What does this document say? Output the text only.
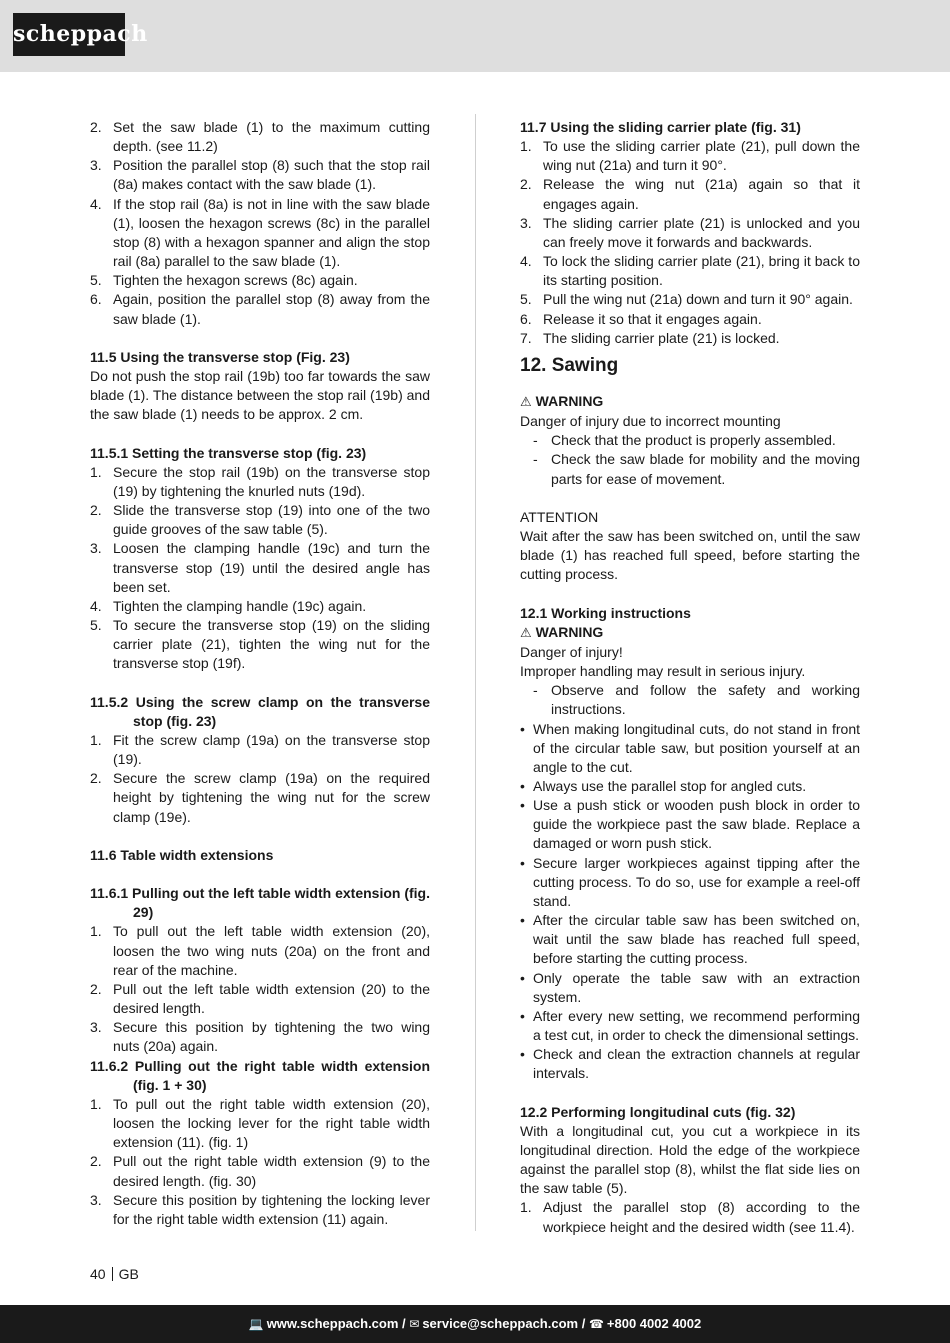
scheppach
2. Set the saw blade (1) to the maximum cutting depth. (see 11.2)
3. Position the parallel stop (8) such that the stop rail (8a) makes contact with the saw blade (1).
4. If the stop rail (8a) is not in line with the saw blade (1), loosen the hexagon screws (8c) in the parallel stop (8) with a hexagon spanner and align the stop rail (8a) parallel to the saw blade (1).
5. Tighten the hexagon screws (8c) again.
6. Again, position the parallel stop (8) away from the saw blade (1).
11.5 Using the transverse stop (Fig. 23)

Do not push the stop rail (19b) too far towards the saw blade (1). The distance between the stop rail (19b) and the saw blade (1) needs to be approx. 2 cm.

11.5.1 Setting the transverse stop (fig. 23)
1. Secure the stop rail (19b) on the transverse stop (19) by tightening the knurled nuts (19d).
2. Slide the transverse stop (19) into one of the two guide grooves of the saw table (5).
3. Loosen the clamping handle (19c) and turn the transverse stop (19) until the desired angle has been set.
4. Tighten the clamping handle (19c) again.
5. To secure the transverse stop (19) on the sliding carrier plate (21), tighten the wing nut for the transverse stop (19f).
11.5.2 Using the screw clamp on the transverse stop (fig. 23)
1. Fit the screw clamp (19a) on the transverse stop (19).
2. Secure the screw clamp (19a) on the required height by tightening the wing nut for the screw clamp (19e).
11.6 Table width extensions
11.6.1 Pulling out the left table width extension (fig. 29)
1. To pull out the left table width extension (20), loosen the two wing nuts (20a) on the front and rear of the machine.
2. Pull out the left table width extension (20) to the desired length.
3. Secure this position by tightening the two wing nuts (20a) again.
11.6.2 Pulling out the right table width extension (fig. 1 + 30)
1. To pull out the right table width extension (20), loosen the locking lever for the right table width extension (11). (fig. 1)
2. Pull out the right table width extension (9) to the desired length. (fig. 30)
3. Secure this position by tightening the locking lever for the right table width extension (11) again.
11.7 Using the sliding carrier plate (fig. 31)
1. To use the sliding carrier plate (21), pull down the wing nut (21a) and turn it 90°.
2. Release the wing nut (21a) again so that it engages again.
3. The sliding carrier plate (21) is unlocked and you can freely move it forwards and backwards.
4. To lock the sliding carrier plate (21), bring it back to its starting position.
5. Pull the wing nut (21a) down and turn it 90° again.
6. Release it so that it engages again.
7. The sliding carrier plate (21) is locked.
12. Sawing
⚠ WARNING

Danger of injury due to incorrect mounting

- Check that the product is properly assembled.
- Check the saw blade for mobility and the moving parts for ease of movement.

ATTENTION

Wait after the saw has been switched on, until the saw blade (1) has reached full speed, before starting the cutting process.

12.1 Working instructions
⚠ WARNING

Danger of injury!

Improper handling may result in serious injury.

- Observe and follow the safety and working instructions.
• When making longitudinal cuts, do not stand in front of the circular table saw, but position yourself at an angle to the cut.
• Always use the parallel stop for angled cuts.
• Use a push stick or wooden push block in order to guide the workpiece past the saw blade. Replace a damaged or worn push stick.
• Secure larger workpieces against tipping after the cutting process. To do so, use for example a reel-off stand.
• After the circular table saw has been switched on, wait until the saw blade has reached full speed, before starting the cutting process.
• Only operate the table saw with an extraction system.
• After every new setting, we recommend performing a test cut, in order to check the dimensional settings.
• Check and clean the extraction channels at regular intervals.
12.2 Performing longitudinal cuts (fig. 32)

With a longitudinal cut, you cut a workpiece in its longitudinal direction. Hold the edge of the workpiece against the parallel stop (8), whilst the flat side lies on the saw table (5).

1. Adjust the parallel stop (8) according to the workpiece height and the desired width (see 11.4).
40 GB
💻 www.scheppach.com / ✉ service@scheppach.com / ☎ +800 4002 4002
